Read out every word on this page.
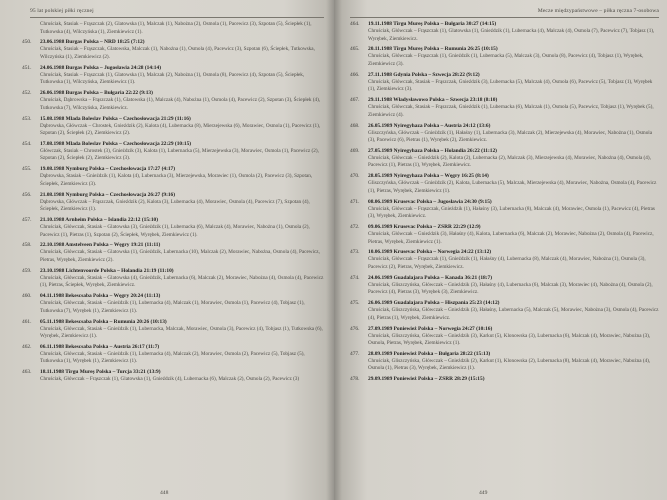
95 lat polskiej piłki ręcznej
Chruściak, Stasiak – Frąszczak (2), Glatowska (1), Malczak (1), Nabożna (2), Osmola (1), Pacewicz (3), Szpotan (5), Ściepłek (1), Tutkowska (4), Wilczyńska (1), Ziemkiewicz (1).
450. 23.06.1988 Burgas Polska – NRD 18:25 (7:12)
Chruściak, Stasiak – Frąszczak, Glatowska, Malczak (1), Nabożna (1), Osmola (4), Pacewicz (3), Szpotan (6), Ściepłek, Tutkowska, Wilczyńska (1), Ziemkiewicz (2).
451. 24.06.1988 Burgas Polska – Jugosławia 24:28 (14:14)
Chruściak, Stasiak – Frąszczak (1), Glatowska (1), Malczak (2), Nabożna (1), Osmola (8), Pacewicz (4), Szpotan (5), Ściepłek, Tutkowska (1), Wilczyńska, Ziemkiewicz (1).
452. 26.06.1988 Burgas Polska – Bułgaria 22:22 (9:13)
Chruściak, Dąbrowska – Frąszczak (1), Glatowska (1), Malczak (4), Nabożna (1), Osmola (4), Pacewicz (2), Szpotan (3), Ściepłek (4), Tutkowska (7), Wilczyńska, Ziemkiewicz.
453. 15.08.1988 Mlada Boleslav Polska – Czechosłowacja 21:29 (11:16)
Dąbrowska, Główczak – Chrostek, Gnieździk (2), Kalota (4), Lubernacka (8), Mierzejewska (6), Morawiec, Osmola (1), Pacewicz (1), Szpotan (2), Ściepłek (2), Ziemkiewicz (2).
454. 17.08.1988 Mlada Boleslav Polska – Czechosłowacja 22:29 (10:15)
Główczak, Stasiak – Chrostek (3), Gnieździk (3), Kalota (1), Lubernacka (5), Mierzejewska (3), Morawiec, Osmola (1), Pacewicz (2), Szpotan (2), Ściepłek (2), Ziemkiewicz (3).
455. 19.08.1988 Nymburg Polska – Czechosłowacja 17:27 (4:17)
Dąbrowska, Stasiak – Gnieździk (1), Kalota (4), Lubernacka (3), Mierzejewska, Morawiec (1), Osmola (2), Pacewicz (3), Szpotan, Ściepłek, Ziemkiewicz (3).
456. 21.08.1988 Nymburg Polska – Czechosłowacja 26:27 (9:16)
Dąbrowska, Główczak – Frąszczak, Gnieździk (2), Kalota (3), Lubernacka (4), Morawiec, Osmola (4), Pacewicz (7), Szpotan (4), Ściepłek, Ziemkiewicz (1).
457. 21.10.1988 Arnheim Polska – Islandia 22:12 (15:10)
Chruściak, Główczak, Stasiak – Glatowska (3), Gnieździk (1), Lubernacka (6), Malczak (4), Morawiec, Nabożna (1), Osmola (2), Pacewicz (1), Pietras (1), Szpotan (2), Ściepłek, Wyrębek, Ziemkiewicz (1).
458. 22.10.1988 Amstelveen Polska – Węgry 19:21 (11:11)
Chruściak, Główczak, Stasiak – Glatowska (1), Gnieździk, Lubernacka (10), Malczak (2), Morawiec, Nabożna, Osmola (4), Pacewicz, Pietras, Wyrębek, Ziemkiewicz (2).
459. 23.10.1988 Lichtenvoorde Polska – Holandia 21:19 (11:10)
Chruściak, Główczak, Stasiak – Glatowska (4), Gnieździk, Lubernacka (6), Malczak (2), Morawiec, Nabożna (4), Osmola (4), Pacewicz (1), Pietras, Ściepłek, Wyrębek, Ziemkiewicz.
460. 04.11.1988 Bekescsaba Polska – Węgry 20:24 (11:13)
Chruściak, Główczak, Stasiak – Gnieździk (1), Lubernacka (4), Malczak (1), Morawiec, Osmola (1), Pacewicz (4), Tobjasz (1), Tutkowska (7), Wyrębek (1), Ziemkiewicz (1).
461. 05.11.1988 Bekescsaba Polska – Rumunia 20:26 (10:13)
Chruściak, Główczak, Stasiak – Gnieździk (1), Lubernacka, Malczak, Morawiec, Osmola (3), Pacewicz (4), Tobjasz (1), Tutkowska (6), Wyrębek, Ziemkiewicz (1).
462. 06.11.1988 Bekescsaba Polska – Austria 26:17 (11:7)
Chruściak, Główczak, Stasiak – Gnieździk (1), Lubernacka (4), Malczak (2), Morawiec, Osmola (2), Pacewicz (5), Tobjasz (5), Tutkowska (1), Wyrębek (1), Ziemkiewicz (1).
463. 18.11.1988 Tîrgu Mureş Polska – Turcja 33:21 (13:9)
Chruściak, Główczak – Frąszczak (1), Glatowska (1), Gnieździk (4), Lubernacka (6), Malczak (2), Osmola (2), Pacewicz (3)
448
Mecze międzypaństwowe – piłka ręczna 7-osobowa
464. 19.11.1988 Tîrgu Mureş Polska – Bułgaria 30:27 (14:15)
Chruściak, Główczak – Frąszczak (1), Glatowska (1), Gnieździk (1), Lubernacka (4), Malczak (4), Osmola (7), Pacewicz (7), Tobjasz (1), Wyrębek, Ziemkiewicz.
465. 20.11.1988 Tîrgu Mureş Polska – Rumunia 26:25 (10:15)
Chruściak, Główczak – Frąszczak (1), Gnieździk (1), Lubernacka (5), Malczak (3), Osmola (8), Pacewicz (4), Tobjasz (1), Wyrębek, Ziemkiewicz (3).
466. 27.11.1988 Gdynia Polska – Szwecja 28:22 (9:12)
Chruściak, Główczak, Stasiak – Frąszczak, Gnieździk (3), Lubernacka (5), Malczak (4), Osmola (6), Pacewicz (5), Tobjasz (1), Wyrębek (1), Ziemkiewicz (3).
467. 29.11.1988 Władysławowo Polska – Szwecja 23:18 (8:10)
Chruściak, Główczak, Stasiak – Frąszczak, Gnieździk (1), Lubernacka (6), Malczak (1), Osmola (5), Pacewicz, Tobjasz (1), Wyrębek (5), Ziemkiewicz (4).
468. 26.05.1989 Nyiregyhaza Polska – Austria 24:12 (13:6)
Gliszczyńska, Główczak – Gnieździk (1), Hałaśny (1), Lubernacka (3), Malczak (2), Mierzejewska (4), Morawiec, Nabożna (1), Osmola (3), Pacewicz (6), Pietras (1), Wyrębek (2), Ziemkiewicz.
469. 27.05.1989 Nyiregyhaza Polska – Holandia 26:22 (11:12)
Chruściak, Główczak – Gnieździk (2), Kalota (2), Lubernacka (2), Malczak (3), Mierzejewska (4), Morawiec, Nabożna (4), Osmola (4), Pacewicz (1), Pietras (1), Wyrębek, Ziemkiewicz.
470. 28.05.1989 Nyiregyhaza Polska – Węgry 16:25 (8:14)
Gliszczyńska, Główczak – Gnieździk (2), Kalota, Lubernacka (5), Malczak, Mierzejewska (4), Morawiec, Nabożna, Osmola (4), Pacewicz (1), Pietras, Wyrębek, Ziemkiewicz (1).
471. 08.06.1989 Krusevac Polska – Jugosławia 24:30 (9:15)
Chruściak, Główczak – Frąszczak, Gnieździk (1), Hałaśny (3), Lubernacka (8), Malczak (4), Morawiec, Osmola (1), Pacewicz (4), Pietras (3), Wyrębek, Ziemkiewicz.
472. 09.06.1989 Krusevac Polska – ZSRR 22:29 (12:9)
Chruściak, Główczak – Gnieździk (3), Hałaśny (4), Kalota, Lubernacka (6), Malczak (2), Morawiec, Nabożna (2), Osmola (4), Pacewicz, Pietras, Wyrębek, Ziemkiewicz (1).
473. 10.06.1989 Krusevac Polska – Norwegia 24:22 (13:12)
Chruściak, Główczak – Frąszczak (1), Gnieździk (1), Hałaśny (4), Lubernacka (8), Malczak (4), Morawiec, Nabożna (1), Osmola (3), Pacewicz (2), Pietras, Wyrębek, Ziemkiewicz.
474. 24.06.1989 Guadalajara Polska – Kanada 36:21 (18:7)
Chruściak, Gliszczyńska, Główczak – Gnieździk (3), Hałaśny (4), Lubernacka (6), Malczak (3), Morawiec (4), Nabożna (4), Osmola (2), Pacewicz (4), Pietras (3), Wyrębek (3), Ziemkiewicz.
475. 26.06.1989 Guadalajara Polska – Hiszpania 25:23 (14:12)
Chruściak, Gliszczyńska, Główczak – Gnieździk (3), Hałaśny, Lubernacka (5), Malczak (5), Morawiec, Nabożna (3), Osmola (4), Pacewicz (4), Pietras (1), Wyrębek, Ziemkiewicz.
476. 27.09.1989 Poniewież Polska – Norwegia 24:27 (10:16)
Chruściak, Gliszczyńska, Główczak – Gnieździk (3), Karkut (5), Klonowska (3), Lubernacka (6), Malczak (4), Morawiec, Nabożna (3), Osmola, Pietras, Wyrębek, Ziemkiewicz (1).
477. 28.09.1989 Poniewież Polska – Bułgaria 28:22 (15:13)
Chruściak, Gliszczyńska, Główczak – Gnieździk (2), Karkut (1), Klonowska (2), Lubernacka (8), Malczak (4), Morawiec, Nabożna (4), Osmola (1), Pietras (3), Wyrębek, Ziemkiewicz (1).
478. 29.09.1989 Poniewież Polska – ZSRR 28:29 (15:15)
449
